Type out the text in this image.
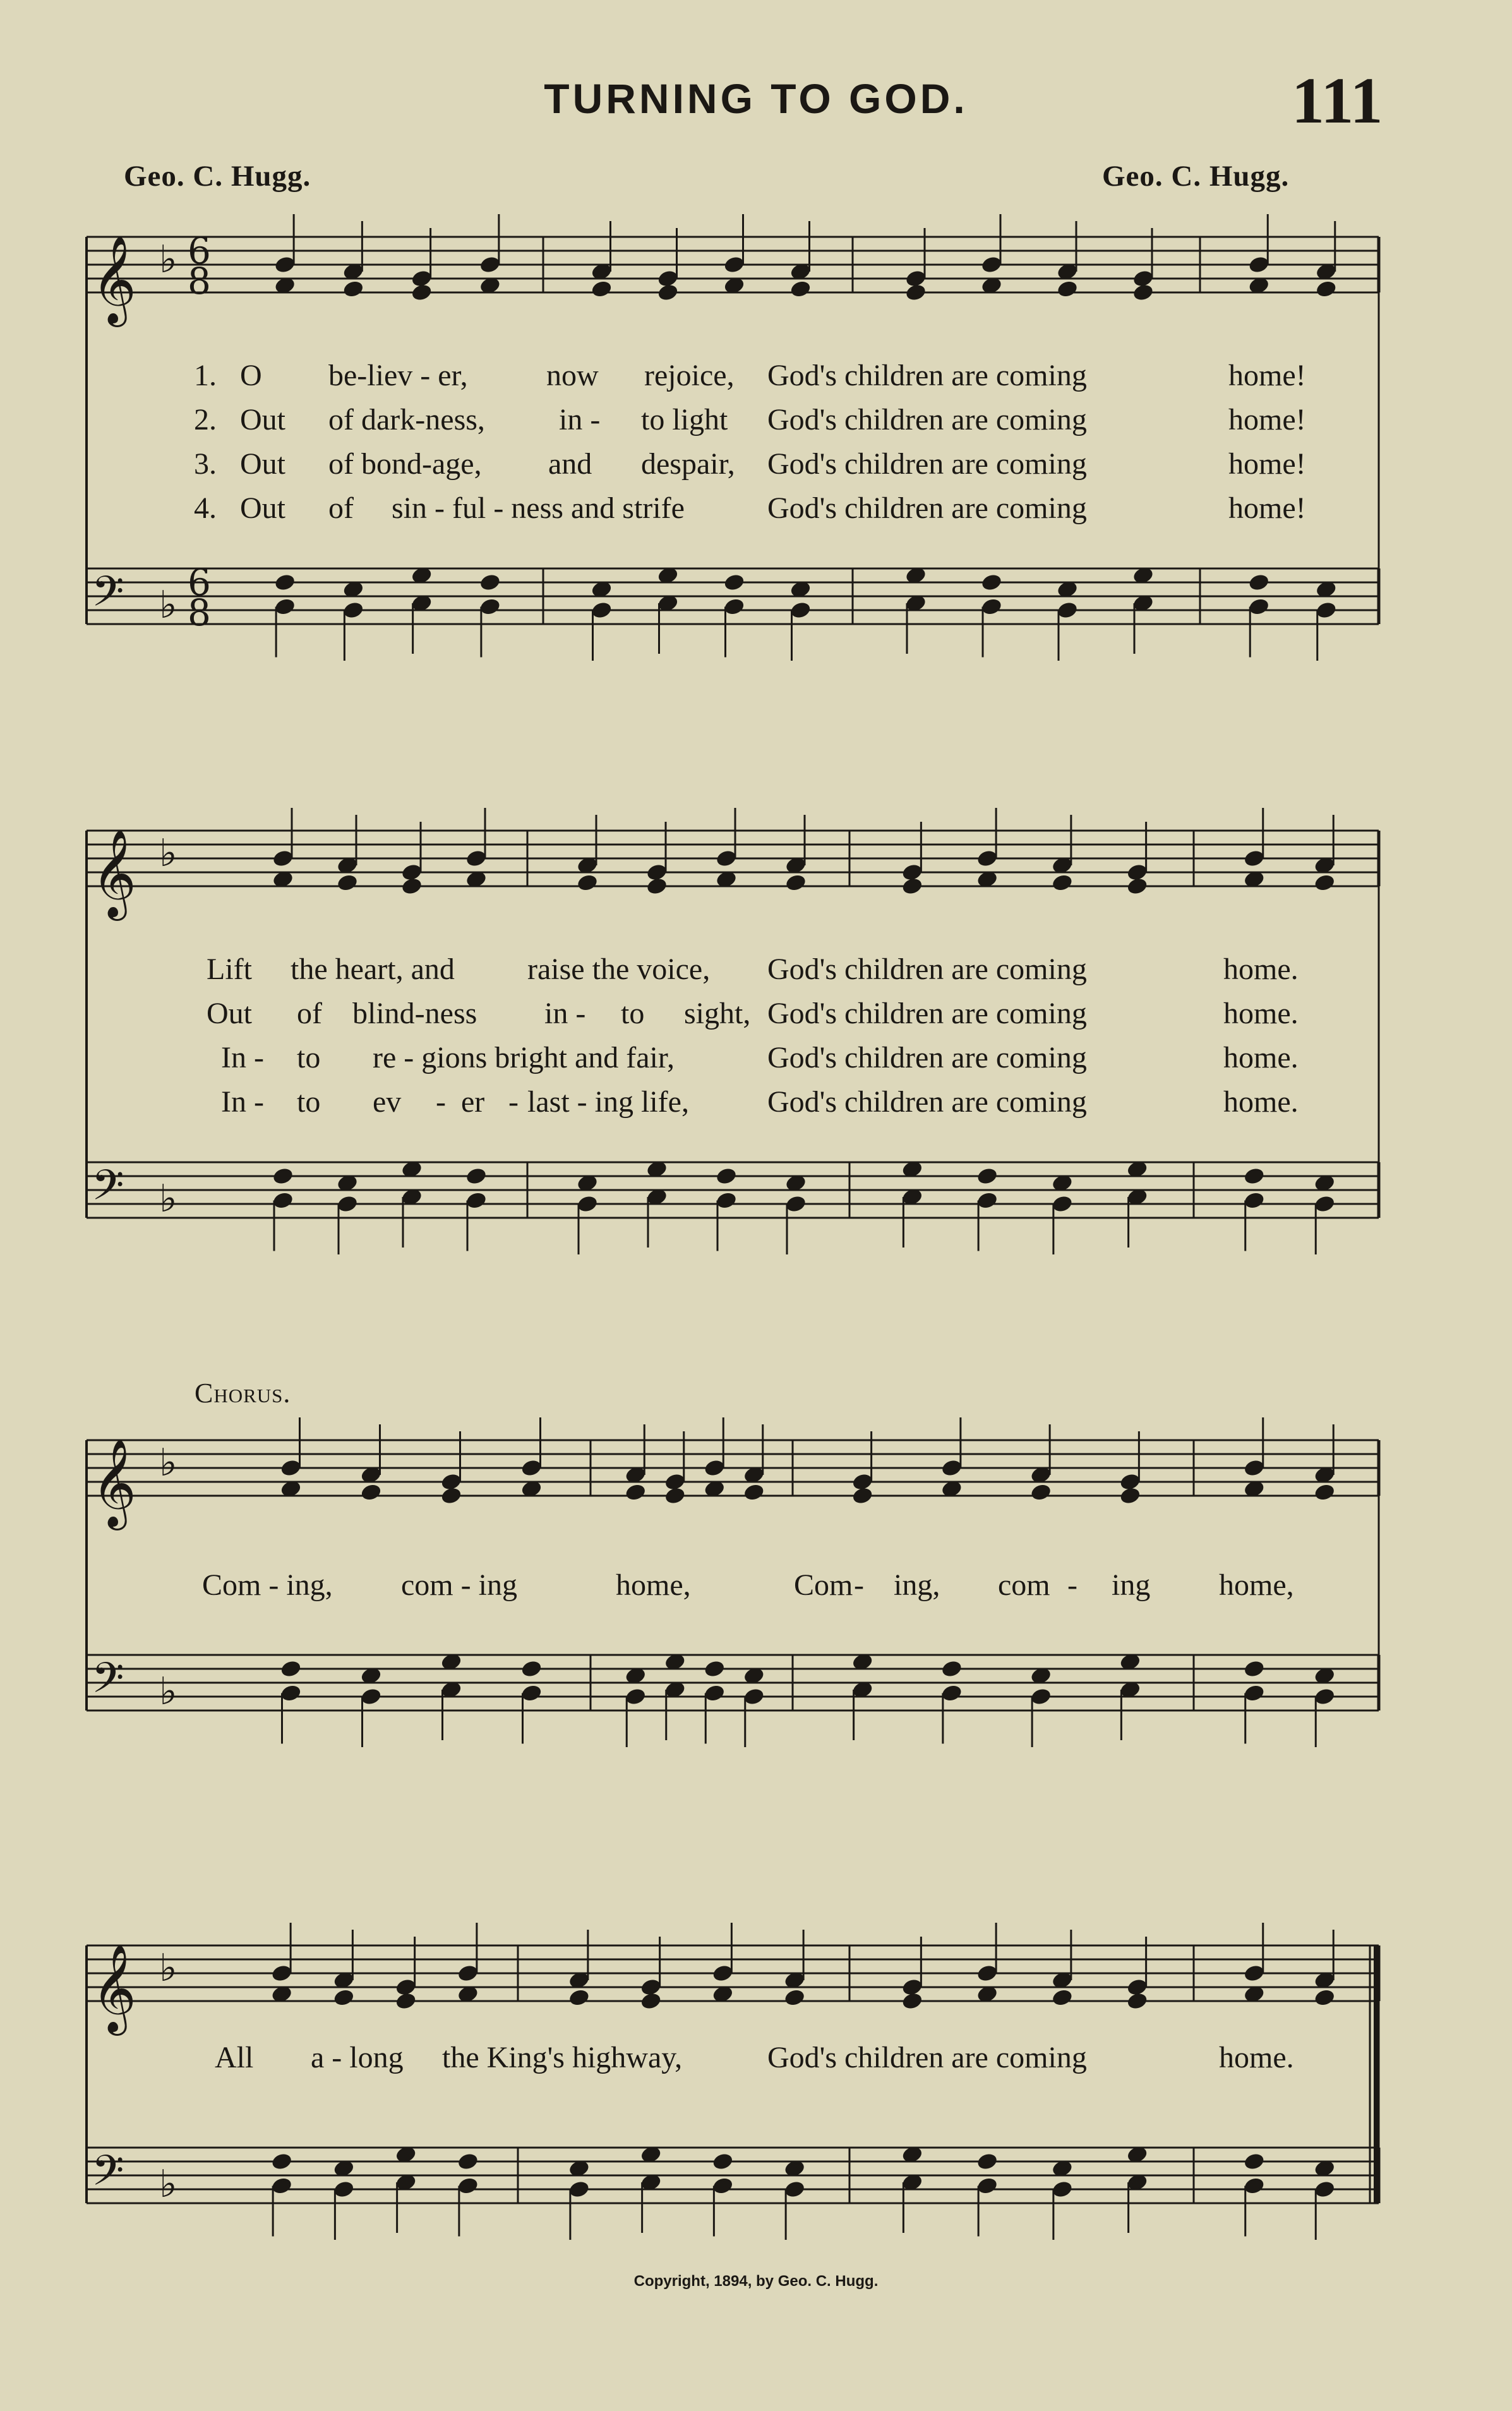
TURNING TO GOD.	111
Geo. C. Hugg.	Geo. C. Hugg.
𝄞 ♭ 6
8
𝄢 ♭
6
8
1.
2.
3.
4.
O be-liev - er,	now rejoice, God's children are coming	home!
Out of dark-ness, in - to light God's children are coming	home!
Out of bond-age, and despair, God's children are coming	home!
Out of sin - ful - ness and strife	God's children are coming	home!
𝄞 ♭
𝄢 ♭
Lift the heart, and raise the voice, God's children are coming	home.
Out of blind-ness in - to sight, God's children are coming	home.
In - to re - gions bright and fair,	God's children are coming	home.
In - to ev - er - last - ing life,	God's children are coming	home.
Chorus.
𝄞 ♭
𝄢 ♭
Com - ing, com - ing	home,	Com - ing, com - ing home,
𝄞 ♭
𝄢 ♭
All a - long the King's highway,	God's children are coming	home.
Copyright, 1894, by Geo. C. Hugg.
